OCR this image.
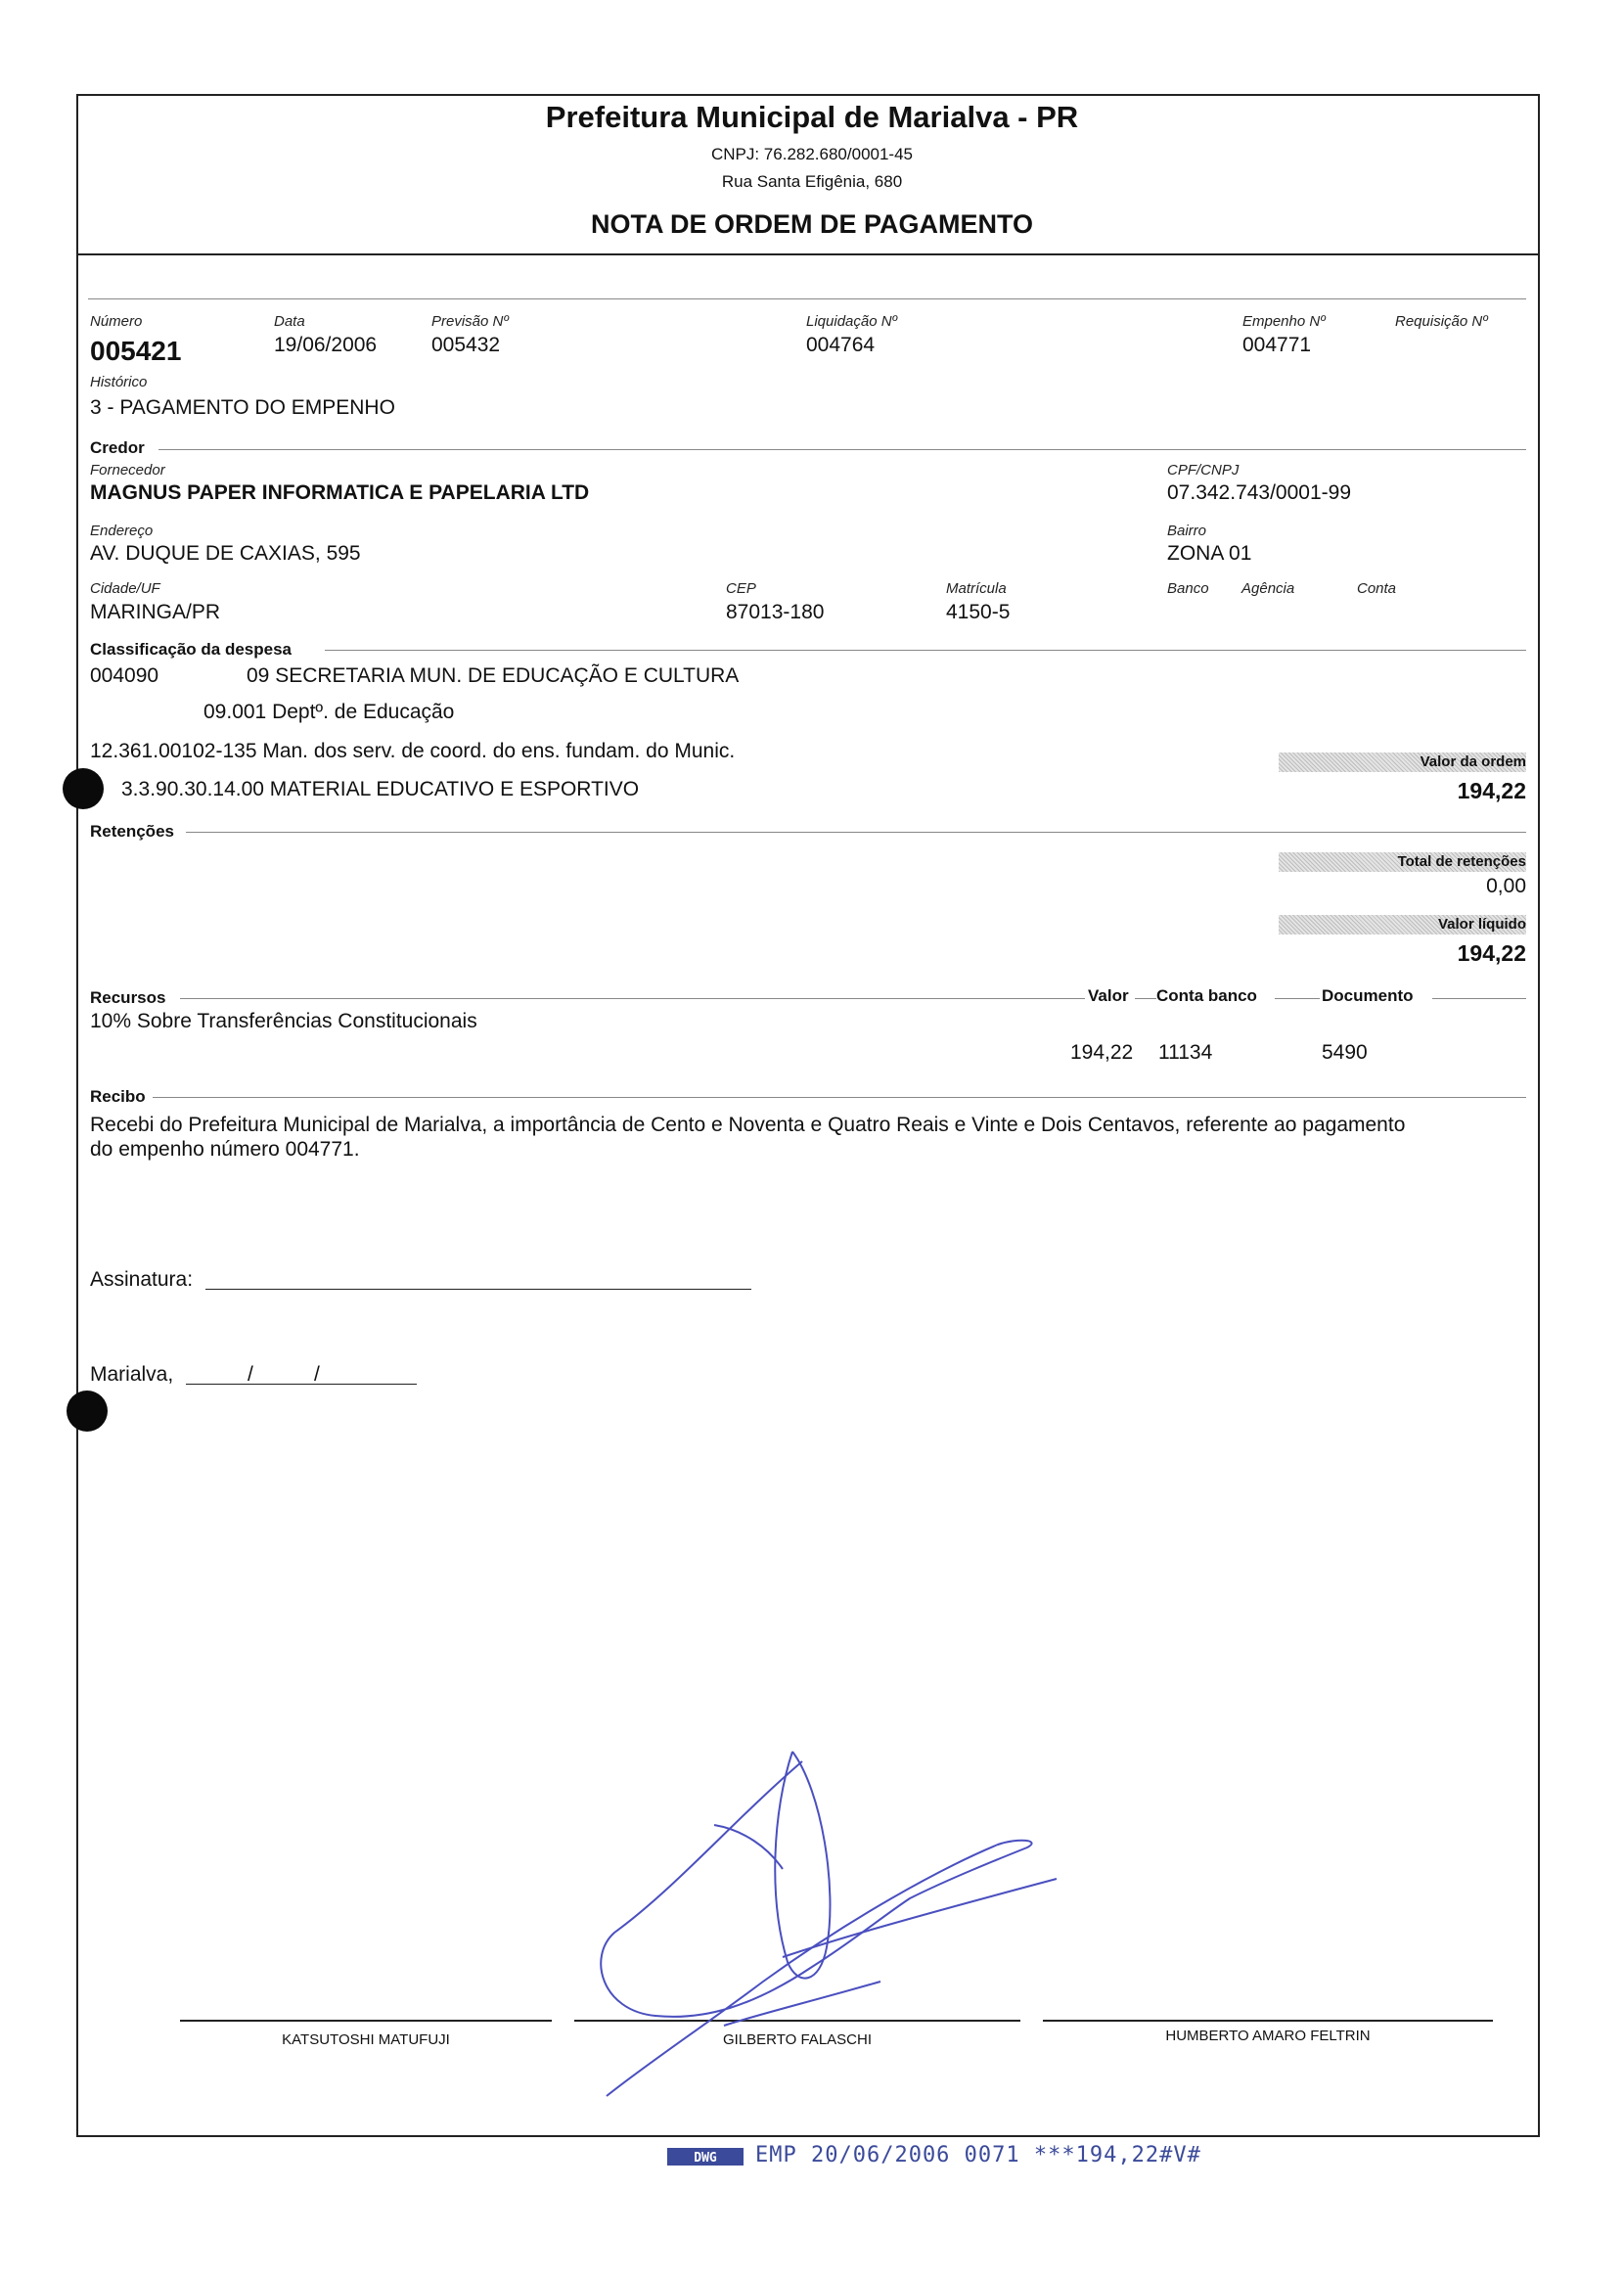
Prefeitura Municipal de Marialva - PR
CNPJ: 76.282.680/0001-45
Rua Santa Efigênia, 680
NOTA DE ORDEM DE PAGAMENTO
Número
005421
Data
19/06/2006
Previsão Nº
005432
Liquidação Nº
004764
Empenho Nº
004771
Requisição Nº
Histórico
3 - PAGAMENTO DO EMPENHO
Credor
Fornecedor
MAGNUS PAPER INFORMATICA E PAPELARIA LTD
CPF/CNPJ
07.342.743/0001-99
Endereço
AV. DUQUE DE CAXIAS, 595
Bairro
ZONA 01
Cidade/UF
MARINGA/PR
CEP
87013-180
Matrícula
4150-5
Banco Agência	Conta
Classificação da despesa
004090	09 SECRETARIA MUN. DE EDUCAÇÃO E CULTURA
09.001 Deptº. de Educação
12.361.00102-135 Man. dos serv. de coord. do ens. fundam. do Munic.
3.3.90.30.14.00 MATERIAL EDUCATIVO E ESPORTIVO
Valor da ordem
194,22
Retenções
Total de retenções
0,00
Valor líquido
194,22
Recursos	Valor Conta banco	Documento
10% Sobre Transferências Constitucionais
194,22 11134	5490
Recibo
Recebi do Prefeitura Municipal de Marialva, a importância de Cento e Noventa e Quatro Reais e Vinte e Dois Centavos, referente ao pagamento
do empenho número 004771.
Assinatura:
Marialva,	/	/
KATSUTOSHI MATUFUJI	GILBERTO FALASCHI	HUMBERTO AMARO FELTRIN
DWG EMP 20/06/2006 0071 ***194,22#V#
